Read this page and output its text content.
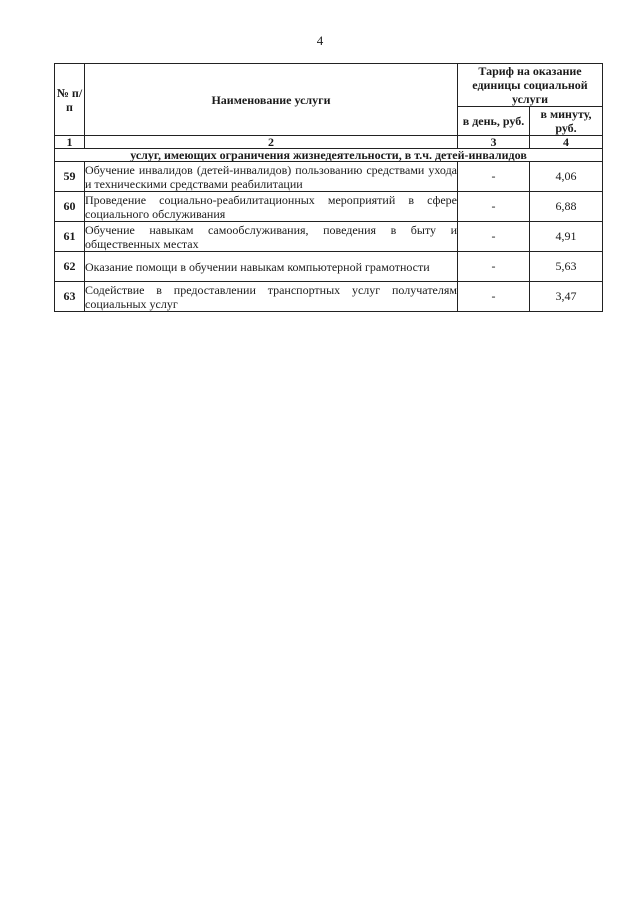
4
№ п/п	Наименование услуги	Тариф на оказание единицы социальной услуги	
		в день, руб.	в минуту, руб.
1	2	3	4
услуг, имеющих ограничения жизнедеятельности, в т.ч. детей-инвалидов			
59	Обучение инвалидов (детей-инвалидов) пользованию средствами ухода и техническими средствами реабилитации	-	4,06
60	Проведение социально-реабилитационных мероприятий в сфере социального обслуживания	-	6,88
61	Обучение навыкам самообслуживания, поведения в быту и общественных местах	-	4,91
62	Оказание помощи в обучении навыкам компьютерной грамотности	-	5,63
63	Содействие в предоставлении транспортных услуг получателям социальных услуг	-	3,47
